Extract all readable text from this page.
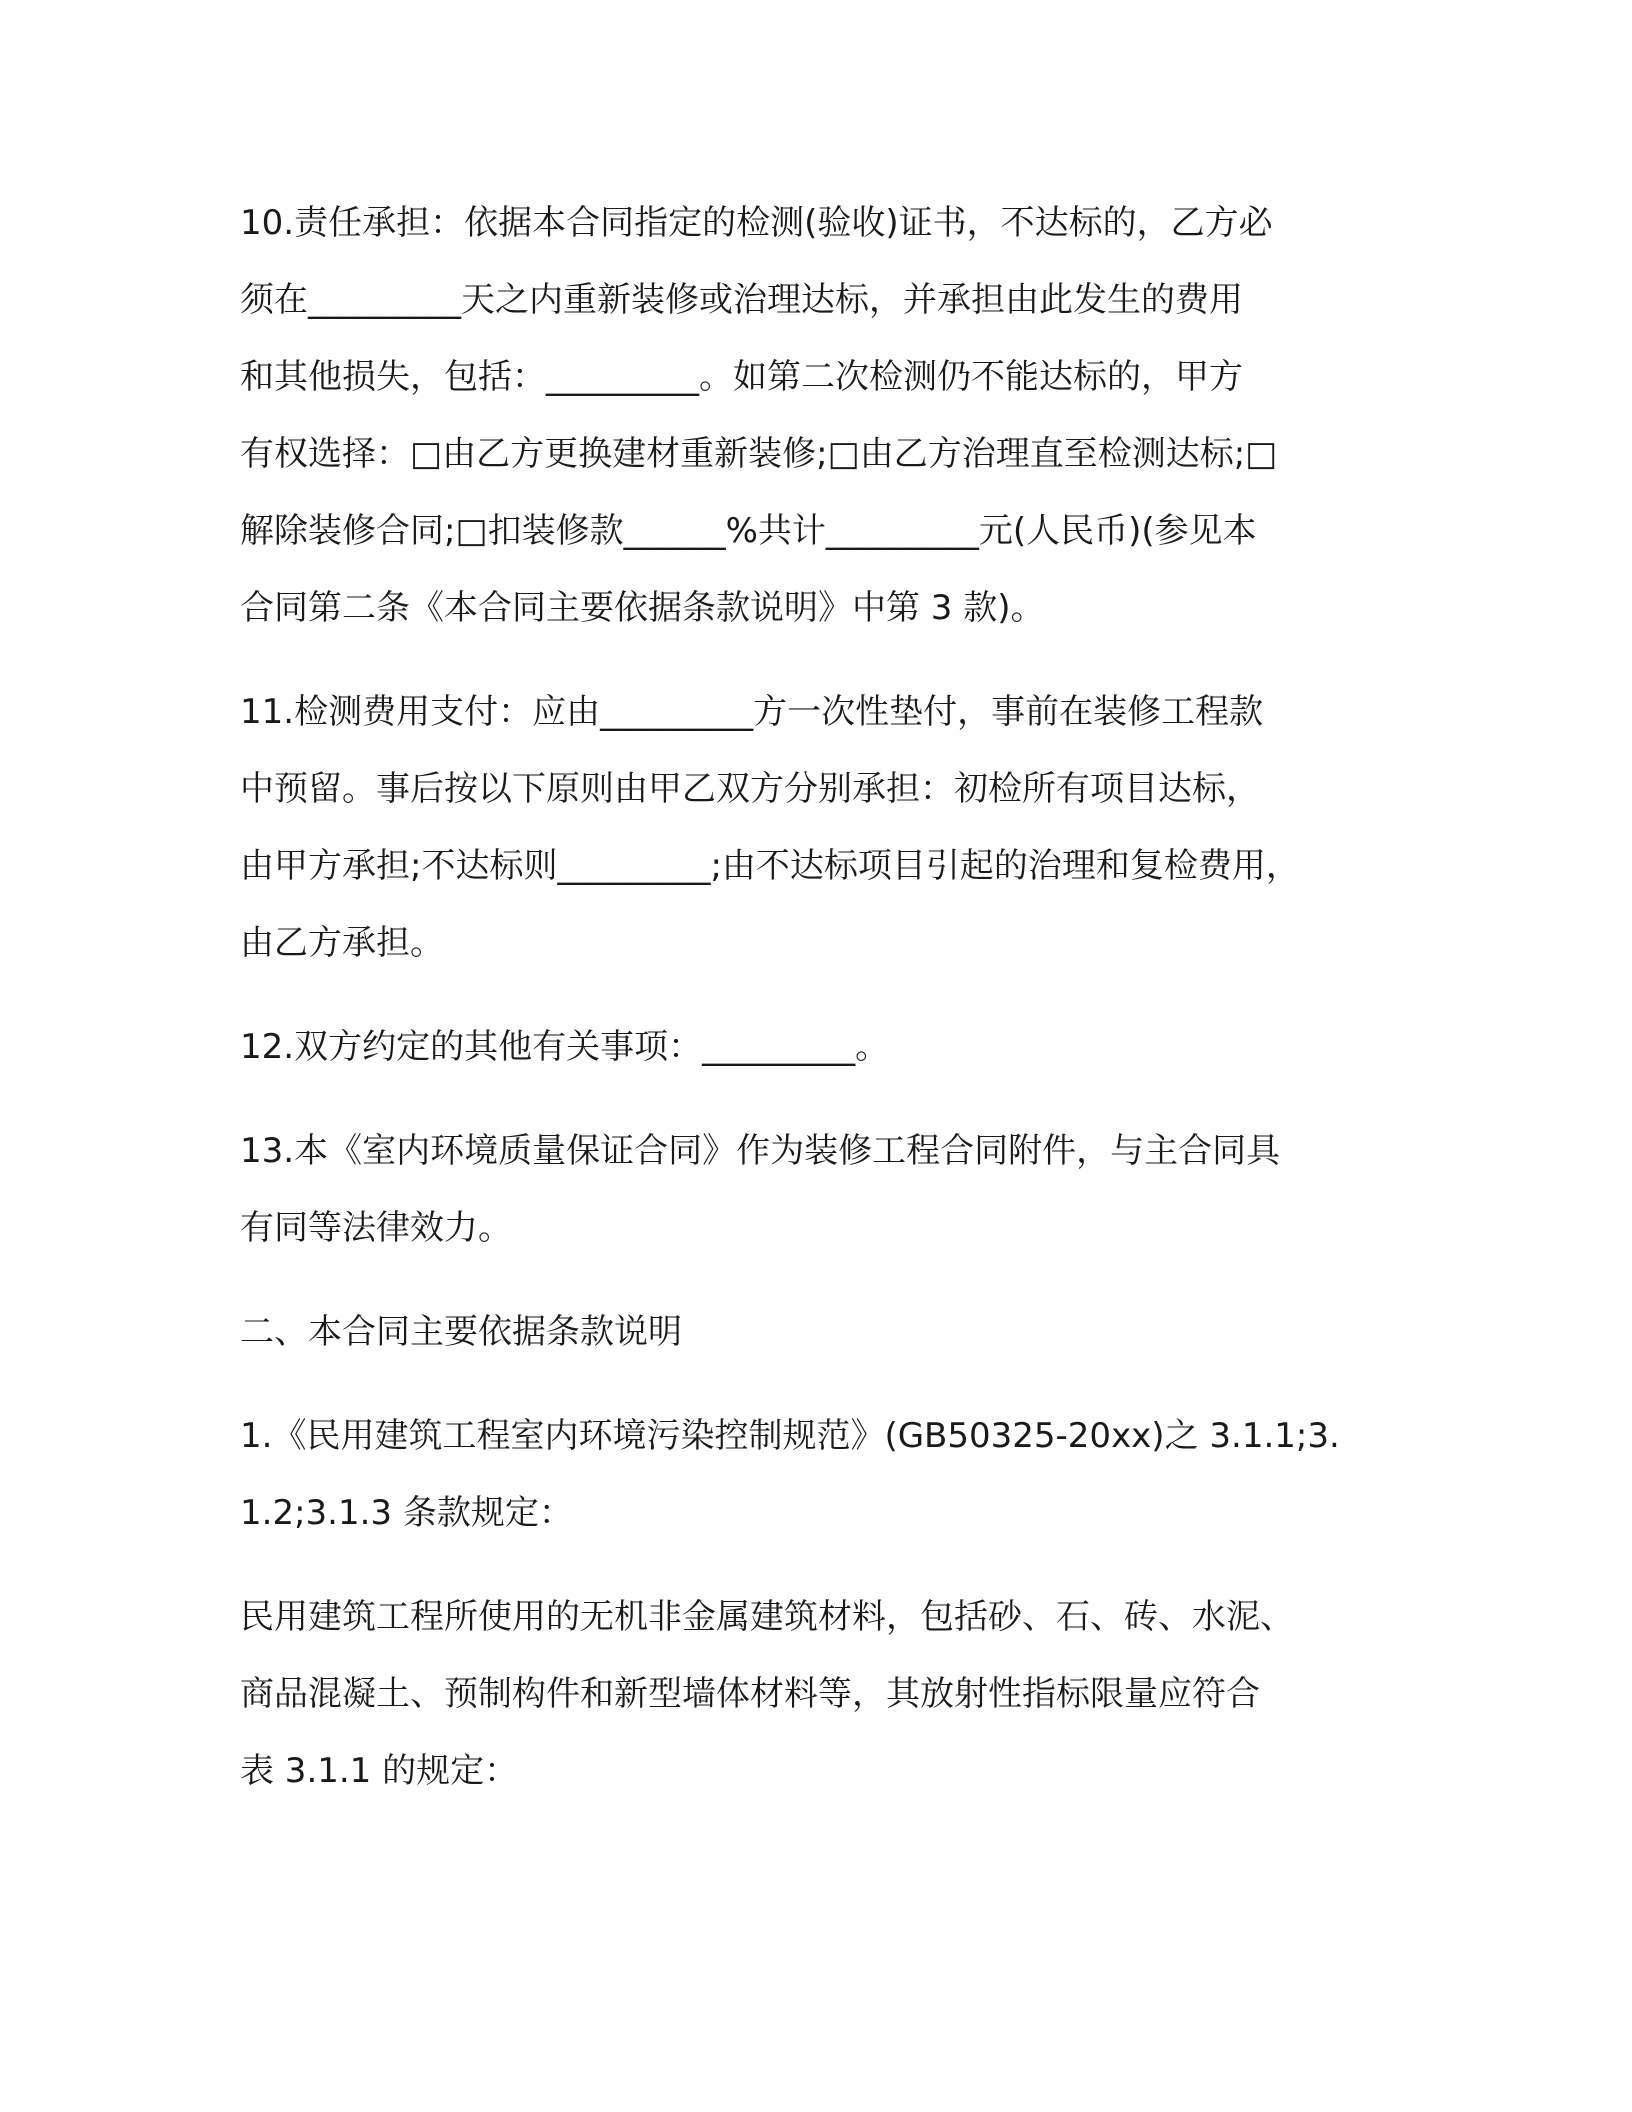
10.责任承担：依据本合同指定的检测(验收)证书，不达标的，乙方必
须在_________天之内重新装修或治理达标，并承担由此发生的费用
和其他损失，包括：_________。如第二次检测仍不能达标的，甲方
有权选择：□由乙方更换建材重新装修;□由乙方治理直至检测达标;□
解除装修合同;□扣装修款______%共计_________元(人民币)(参见本
合同第二条《本合同主要依据条款说明》中第 3 款)。

11.检测费用支付：应由_________方一次性垫付，事前在装修工程款
中预留。事后按以下原则由甲乙双方分别承担：初检所有项目达标，
由甲方承担;不达标则_________;由不达标项目引起的治理和复检费用，
由乙方承担。

12.双方约定的其他有关事项：_________。

13.本《室内环境质量保证合同》作为装修工程合同附件，与主合同具
有同等法律效力。

二、本合同主要依据条款说明

1.《民用建筑工程室内环境污染控制规范》(GB50325-20xx)之 3.1.1;3.
1.2;3.1.3 条款规定：

民用建筑工程所使用的无机非金属建筑材料，包括砂、石、砖、水泥、
商品混凝土、预制构件和新型墙体材料等，其放射性指标限量应符合
表 3.1.1 的规定：
